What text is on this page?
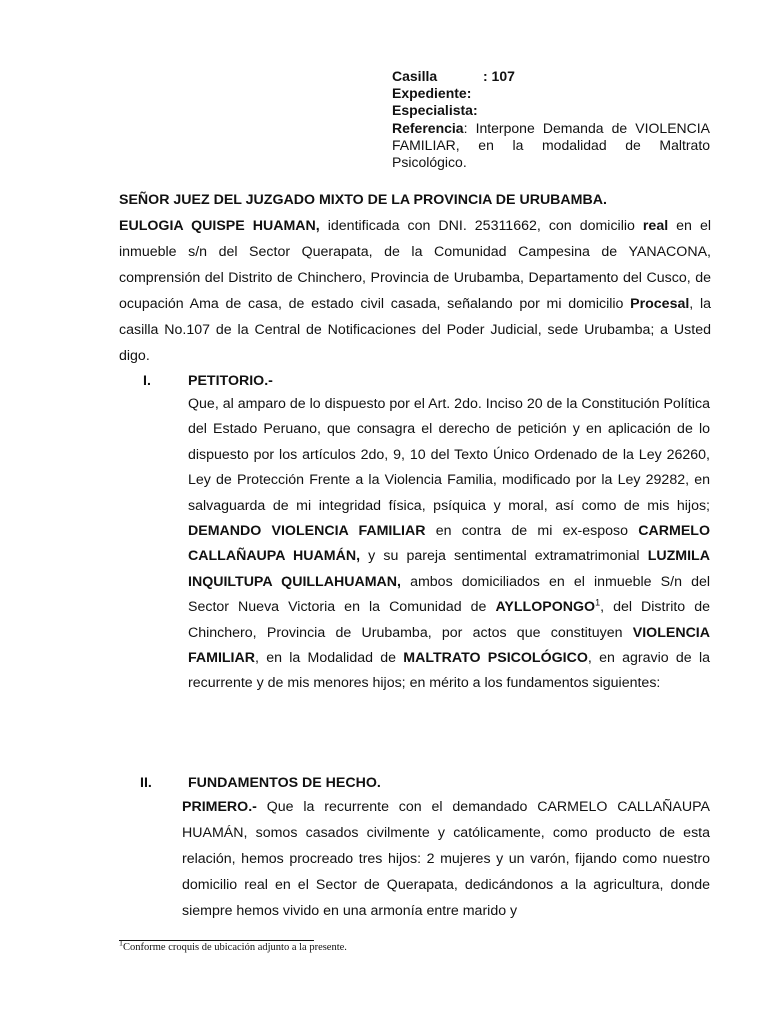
Casilla	: 107
Expediente:
Especialista:
Referencia: Interpone Demanda de VIOLENCIA FAMILIAR, en la modalidad de Maltrato Psicológico.
SEÑOR JUEZ DEL JUZGADO MIXTO DE LA PROVINCIA DE URUBAMBA.
EULOGIA QUISPE HUAMAN, identificada con DNI. 25311662, con domicilio real en el inmueble s/n del Sector Querapata, de la Comunidad Campesina de YANACONA, comprensión del Distrito de Chinchero, Provincia de Urubamba, Departamento del Cusco, de ocupación Ama de casa, de estado civil casada, señalando por mi domicilio Procesal, la casilla No.107 de la Central de Notificaciones del Poder Judicial, sede Urubamba; a Usted digo.
I.	PETITORIO.-
Que, al amparo de lo dispuesto por el Art. 2do. Inciso 20 de la Constitución Política del Estado Peruano, que consagra el derecho de petición y en aplicación de lo dispuesto por los artículos 2do, 9, 10 del Texto Único Ordenado de la Ley 26260, Ley de Protección Frente a la Violencia Familia, modificado por la Ley 29282, en salvaguarda de mi integridad física, psíquica y moral, así como de mis hijos; DEMANDO VIOLENCIA FAMILIAR en contra de mi ex-esposo CARMELO CALLAÑAUPA HUAMÁN, y su pareja sentimental extramatrimonial LUZMILA INQUILTUPA QUILLAHUAMAN, ambos domiciliados en el inmueble S/n del Sector Nueva Victoria en la Comunidad de AYLLOPONGO$^1$, del Distrito de Chinchero, Provincia de Urubamba, por actos que constituyen VIOLENCIA FAMILIAR, en la Modalidad de MALTRATO PSICOLÓGICO, en agravio de la recurrente y de mis menores hijos; en mérito a los fundamentos siguientes:
II.	FUNDAMENTOS DE HECHO.
PRIMERO.- Que la recurrente con el demandado CARMELO CALLAÑAUPA HUAMÁN, somos casados civilmente y católicamente, como producto de esta relación, hemos procreado tres hijos: 2 mujeres y un varón, fijando como nuestro domicilio real en el Sector de Querapata, dedicándonos a la agricultura, donde siempre hemos vivido en una armonía entre marido y
$^1$Conforme croquis de ubicación adjunto a la presente.
